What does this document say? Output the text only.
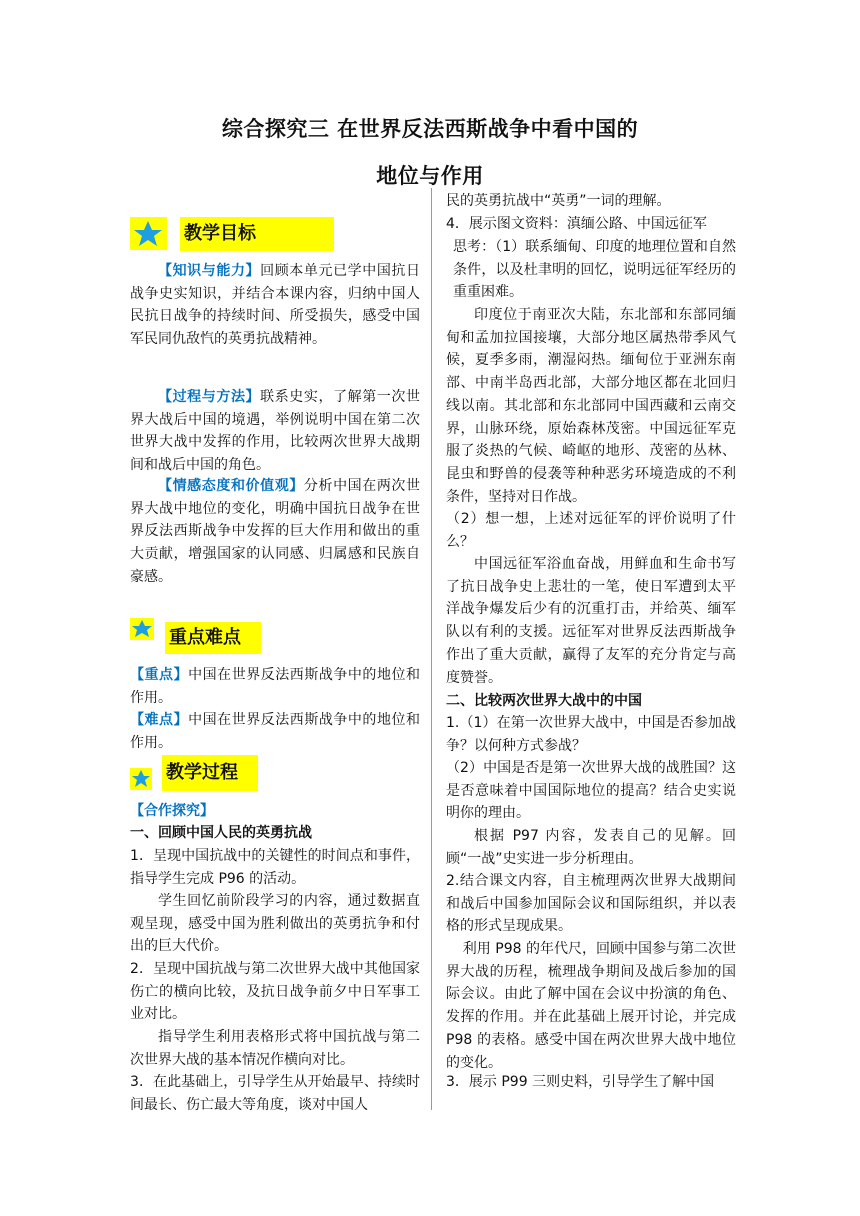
综合探究三 在世界反法西斯战争中看中国的
地位与作用
教学目标

【知识与能力】回顾本单元已学中国抗日战争史实知识，并结合本课内容，归纳中国人民抗日战争的持续时间、所受损失，感受中国军民同仇敌忾的英勇抗战精神。

【过程与方法】联系史实，了解第一次世界大战后中国的境遇，举例说明中国在第二次世界大战中发挥的作用，比较两次世界大战期间和战后中国的角色。

【情感态度和价值观】分析中国在两次世界大战中地位的变化，明确中国抗日战争在世界反法西斯战争中发挥的巨大作用和做出的重大贡献，增强国家的认同感、归属感和民族自豪感。

重点难点

【重点】中国在世界反法西斯战争中的地位和作用。

【难点】中国在世界反法西斯战争中的地位和作用。

教学过程

【合作探究】

一、回顾中国人民的英勇抗战

1．呈现中国抗战中的关键性的时间点和事件，指导学生完成 P96 的活动。

学生回忆前阶段学习的内容，通过数据直观呈现，感受中国为胜利做出的英勇抗争和付出的巨大代价。

2．呈现中国抗战与第二次世界大战中其他国家伤亡的横向比较，及抗日战争前夕中日军事工业对比。

指导学生利用表格形式将中国抗战与第二次世界大战的基本情况作横向对比。

3．在此基础上，引导学生从开始最早、持续时间最长、伤亡最大等角度，谈对中国人

民的英勇抗战中“英勇”一词的理解。

4．展示图文资料：滇缅公路、中国远征军

思考：（1）联系缅甸、印度的地理位置和自然条件，以及杜聿明的回忆，说明远征军经历的重重困难。

印度位于南亚次大陆，东北部和东部同缅甸和孟加拉国接壤，大部分地区属热带季风气候，夏季多雨，潮湿闷热。缅甸位于亚洲东南部、中南半岛西北部，大部分地区都在北回归线以南。其北部和东北部同中国西藏和云南交界，山脉环绕，原始森林茂密。中国远征军克服了炎热的气候、崎岖的地形、茂密的丛林、昆虫和野兽的侵袭等种种恶劣环境造成的不利条件，坚持对日作战。

（2）想一想，上述对远征军的评价说明了什么？

中国远征军浴血奋战，用鲜血和生命书写了抗日战争史上悲壮的一笔，使日军遭到太平洋战争爆发后少有的沉重打击，并给英、缅军队以有利的支援。远征军对世界反法西斯战争作出了重大贡献，赢得了友军的充分肯定与高度赞誉。

二、比较两次世界大战中的中国

1.（1）在第一次世界大战中，中国是否参加战争？以何种方式参战？

（2）中国是否是第一次世界大战的战胜国？这是否意味着中国国际地位的提高？结合史实说明你的理由。

根据 P97 内容，发表自己的见解。回顾“一战”史实进一步分析理由。

2.结合课文内容，自主梳理两次世界大战期间和战后中国参加国际会议和国际组织，并以表格的形式呈现成果。

利用 P98 的年代尺，回顾中国参与第二次世界大战的历程，梳理战争期间及战后参加的国际会议。由此了解中国在会议中扮演的角色、发挥的作用。并在此基础上展开讨论，并完成 P98 的表格。感受中国在两次世界大战中地位的变化。

3．展示 P99 三则史料，引导学生了解中国
